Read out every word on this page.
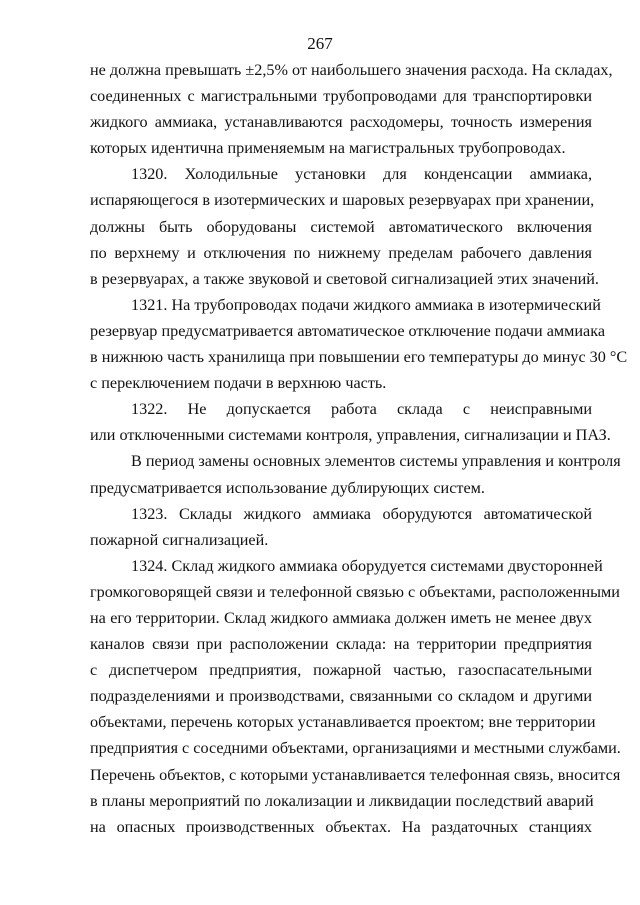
267
не должна превышать ±2,5% от наибольшего значения расхода. На складах,
соединенных с магистральными трубопроводами для транспортировки
жидкого аммиака, устанавливаются расходомеры, точность измерения
которых идентична применяемым на магистральных трубопроводах.
1320. Холодильные установки для конденсации аммиака,
испаряющегося в изотермических и шаровых резервуарах при хранении,
должны быть оборудованы системой автоматического включения
по верхнему и отключения по нижнему пределам рабочего давления
в резервуарах, а также звуковой и световой сигнализацией этих значений.
1321. На трубопроводах подачи жидкого аммиака в изотермический
резервуар предусматривается автоматическое отключение подачи аммиака
в нижнюю часть хранилища при повышении его температуры до минус 30 °С
с переключением подачи в верхнюю часть.
1322. Не допускается работа склада с неисправными
или отключенными системами контроля, управления, сигнализации и ПАЗ.
В период замены основных элементов системы управления и контроля
предусматривается использование дублирующих систем.
1323. Склады жидкого аммиака оборудуются автоматической
пожарной сигнализацией.
1324. Склад жидкого аммиака оборудуется системами двусторонней
громкоговорящей связи и телефонной связью с объектами, расположенными
на его территории. Склад жидкого аммиака должен иметь не менее двух
каналов связи при расположении склада: на территории предприятия
с диспетчером предприятия, пожарной частью, газоспасательными
подразделениями и производствами, связанными со складом и другими
объектами, перечень которых устанавливается проектом; вне территории
предприятия с соседними объектами, организациями и местными службами.
Перечень объектов, с которыми устанавливается телефонная связь, вносится
в планы мероприятий по локализации и ликвидации последствий аварий
на опасных производственных объектах. На раздаточных станциях
